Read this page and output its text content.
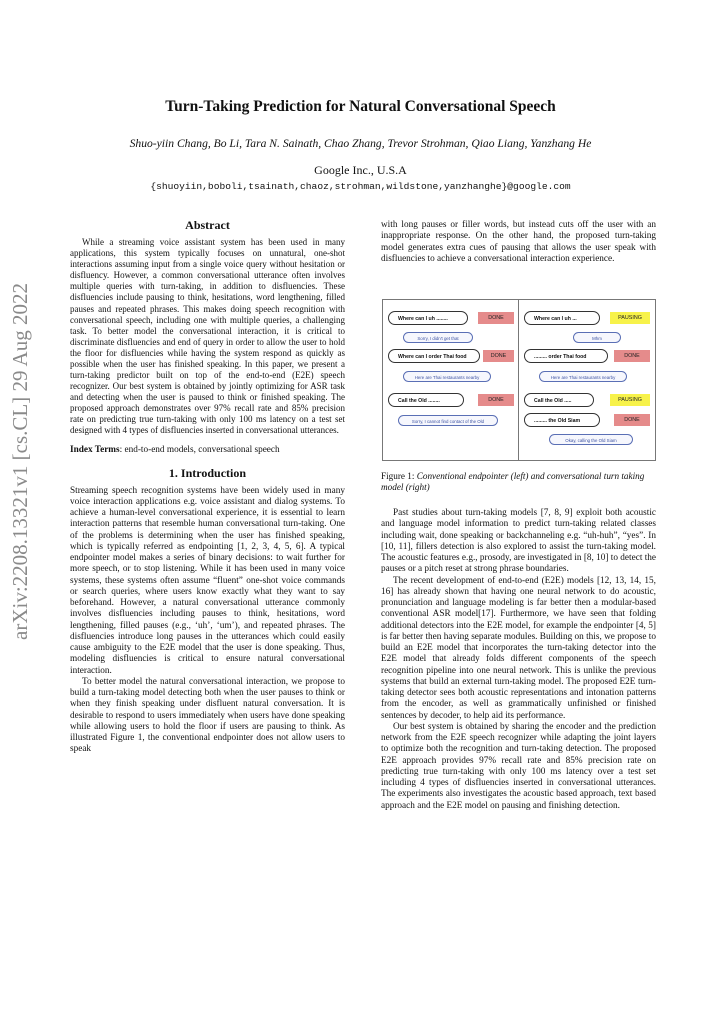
Turn-Taking Prediction for Natural Conversational Speech
Shuo-yiin Chang, Bo Li, Tara N. Sainath, Chao Zhang, Trevor Strohman, Qiao Liang, Yanzhang He
Google Inc., U.S.A
{shuoyiin,boboli,tsainath,chaoz,strohman,wildstone,yanzhanghe}@google.com
arXiv:2208.13321v1 [cs.CL] 29 Aug 2022
Abstract

While a streaming voice assistant system has been used in many applications, this system typically focuses on unnatural, one-shot interactions assuming input from a single voice query without hesitation or disfluency. However, a common conversational utterance often involves multiple queries with turn-taking, in addition to disfluencies. These disfluencies include pausing to think, hesitations, word lengthening, filled pauses and repeated phrases. This makes doing speech recognition with conversational speech, including one with multiple queries, a challenging task. To better model the conversational interaction, it is critical to discriminate disfluencies and end of query in order to allow the user to hold the floor for disfluencies while having the system respond as quickly as possible when the user has finished speaking. In this paper, we present a turn-taking predictor built on top of the end-to-end (E2E) speech recognizer. Our best system is obtained by jointly optimizing for ASR task and detecting when the user is paused to think or finished speaking. The proposed approach demonstrates over 97% recall rate and 85% precision rate on predicting true turn-taking with only 100 ms latency on a test set designed with 4 types of disfluencies inserted in conversational utterances.

Index Terms: end-to-end models, conversational speech

1. Introduction

Streaming speech recognition systems have been widely used in many voice interaction applications e.g. voice assistant and dialog systems. To achieve a human-level conversational experience, it is essential to learn interaction patterns that resemble human conversational turn-taking. One of the problems is determining when the user has finished speaking, which is typically referred as endpointing [1, 2, 3, 4, 5, 6]. A typical endpointer model makes a series of binary decisions: to wait further for more speech, or to stop listening. While it has been used in many voice systems, these systems often assume “fluent” one-shot voice commands or search queries, where users know exactly what they want to say beforehand. However, a natural conversational utterance commonly involves disfluencies including pauses to think, hesitations, word lengthening, filled pauses (e.g., ‘uh’, ‘um’), and repeated phrases. The disfluencies introduce long pauses in the utterances which could easily cause ambiguity to the E2E model that the user is done speaking. Thus, modeling disfluencies is critical to ensure natural conversational interaction.

To better model the natural conversational interaction, we propose to build a turn-taking model detecting both when the user pauses to think or when they finish speaking under disfluent natural conversation. It is desirable to respond to users immediately when users have done speaking while allowing users to hold the floor if users are pausing to think. As illustrated Figure 1, the conventional endpointer does not allow users to speak

with long pauses or filler words, but instead cuts off the user with an inappropriate response. On the other hand, the proposed turn-taking model generates extra cues of pausing that allows the user speak with disfluencies to achieve a conversational interaction experience.

Where can I uh ........	DONE
Sorry, I didn't get that
Where can I order Thai food	DONE
Here are Thai restaurants nearby
Call the Old ........	DONE
Sorry, I cannot find contact of the Old
Where can I uh ...	PAUSING
Mhm
......... order Thai food	DONE
Here are Thai restaurants nearby
Call the Old .....	PAUSING
......... the Old Siam	DONE
Okay, calling the Old Siam
Figure 1: Conventional endpointer (left) and conversational turn taking model (right)

Past studies about turn-taking models [7, 8, 9] exploit both acoustic and language model information to predict turn-taking related classes including wait, done speaking or backchanneling e.g. “uh-huh”, “yes”. In [10, 11], fillers detection is also explored to assist the turn-taking model. The acoustic features e.g., prosody, are investigated in [8, 10] to detect the pauses or a pitch reset at strong phrase boundaries.

The recent development of end-to-end (E2E) models [12, 13, 14, 15, 16] has already shown that having one neural network to do acoustic, pronunciation and language modeling is far better then a modular-based conventional ASR model[17]. Furthermore, we have seen that folding additional detectors into the E2E model, for example the endpointer [4, 5] is far better then having separate modules. Building on this, we propose to build an E2E model that incorporates the turn-taking detector into the E2E model that already folds different components of the speech recognition pipeline into one neural network. This is unlike the previous systems that build an external turn-taking model. The proposed E2E turn-taking detector sees both acoustic representations and intonation patterns from the encoder, as well as grammatically unfinished or finished sentences by decoder, to help aid its performance.

Our best system is obtained by sharing the encoder and the prediction network from the E2E speech recognizer while adapting the joint layers to optimize both the recognition and turn-taking detection. The proposed E2E approach provides 97% recall rate and 85% precision rate on predicting true turn-taking with only 100 ms latency over a test set including 4 types of disfluencies inserted in conversational utterances. The experiments also investigates the acoustic based approach, text based approach and the E2E model on pausing and finishing detection.
